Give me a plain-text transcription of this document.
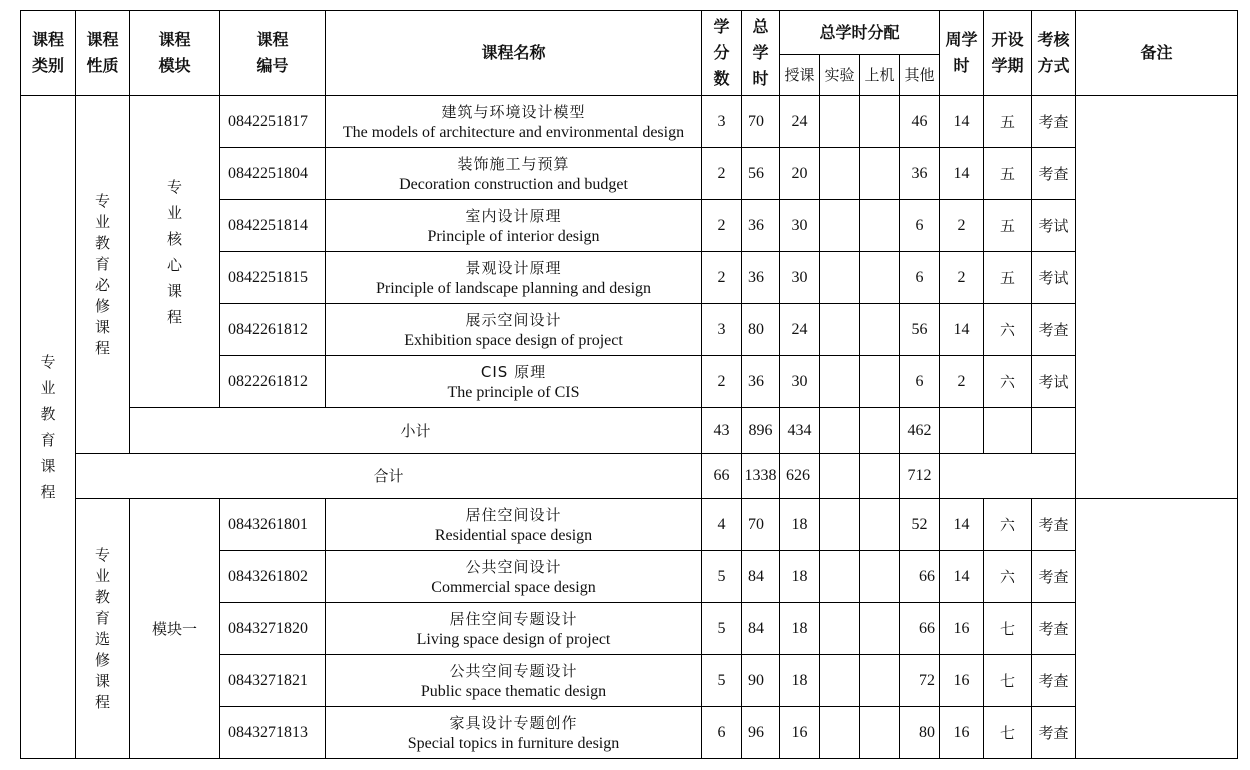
课程类别	课程性质	课程模块	课程编号	课程名称	学分数	总学时	总学时分配				周学时	开设学期	考核方式	备注
							授课	实验	上机	其他				
专业教育课程	专业教育必修课程	专业核心课程	0842251817	建筑与环境设计模型
The models of architecture and environmental design	3	70	24			46	14	五	考查	
			0842251804	装饰施工与预算
Decoration construction and budget	2	56	20			36	14	五	考查	
			0842251814	室内设计原理
Principle of interior design	2	36	30			6	2	五	考试	
			0842251815	景观设计原理
Principle of landscape planning and design	2	36	30			6	2	五	考试	
			0842261812	展示空间设计
Exhibition space design of project	3	80	24			56	14	六	考查	
			0822261812	CIS 原理
The principle of CIS	2	36	30			6	2	六	考试	
		小计			43	896	434			462				
	合计				66	1338	626			712				
	专业教育选修课程	模块一	0843261801	居住空间设计
Residential space design	4	70	18			52	14	六	考查	
			0843261802	公共空间设计
Commercial space design	5	84	18			66	14	六	考查	
			0843271820	居住空间专题设计
Living space design of project	5	84	18			66	16	七	考查	
			0843271821	公共空间专题设计
Public space thematic design	5	90	18			72	16	七	考查	
			0843271813	家具设计专题创作
Special topics in furniture design	6	96	16			80	16	七	考查	
